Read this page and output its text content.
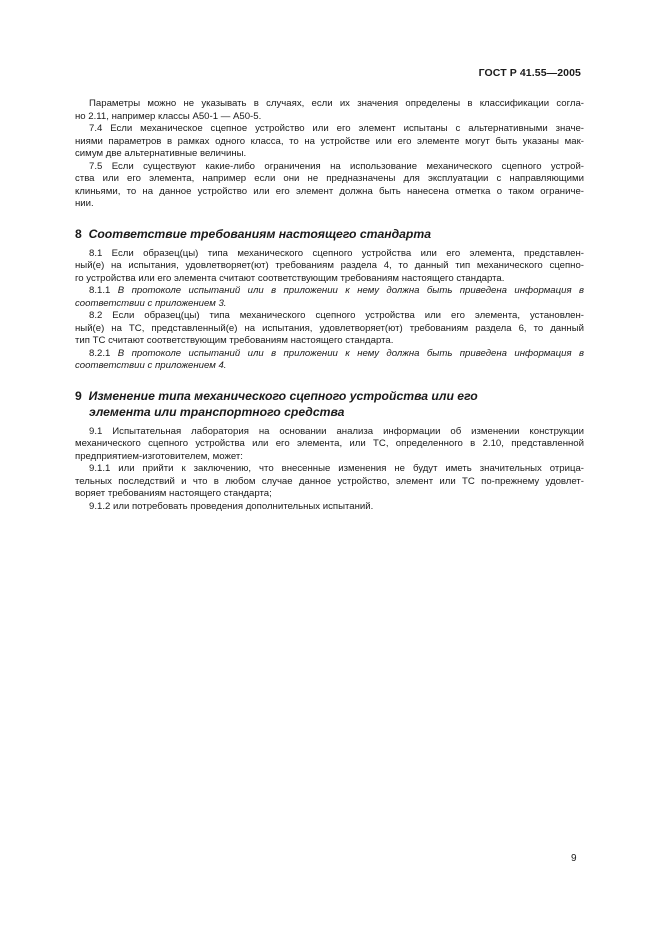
ГОСТ Р 41.55—2005
Параметры можно не указывать в случаях, если их значения определены в классификации согла-
но 2.11, например классы А50-1 — А50-5.
7.4 Если механическое сцепное устройство или его элемент испытаны с альтернативными значе-
ниями параметров в рамках одного класса, то на устройстве или его элементе могут быть указаны мак-
симум две альтернативные величины.
7.5 Если существуют какие-либо ограничения на использование механического сцепного устрой-
ства или его элемента, например если они не предназначены для эксплуатации с направляющими
клиньями, то на данное устройство или его элемент должна быть нанесена отметка о таком ограниче-
нии.
8 Соответствие требованиям настоящего стандарта
8.1 Если образец(цы) типа механического сцепного устройства или его элемента, представлен-
ный(е) на испытания, удовлетворяет(ют) требованиям раздела 4, то данный тип механического сцепно-
го устройства или его элемента считают соответствующим требованиям настоящего стандарта.
8.1.1 В протоколе испытаний или в приложении к нему должна быть приведена информация в
соответствии с приложением 3.
8.2 Если образец(цы) типа механического сцепного устройства или его элемента, установлен-
ный(е) на ТС, представленный(е) на испытания, удовлетворяет(ют) требованиям раздела 6, то данный
тип ТС считают соответствующим требованиям настоящего стандарта.
8.2.1 В протоколе испытаний или в приложении к нему должна быть приведена информация в
соответствии с приложением 4.
9 Изменение типа механического сцепного устройства или его
элемента или транспортного средства
9.1 Испытательная лаборатория на основании анализа информации об изменении конструкции
механического сцепного устройства или его элемента, или ТС, определенного в 2.10, представленной
предприятием-изготовителем, может:
9.1.1 или прийти к заключению, что внесенные изменения не будут иметь значительных отрица-
тельных последствий и что в любом случае данное устройство, элемент или ТС по-прежнему удовлет-
воряет требованиям настоящего стандарта;
9.1.2 или потребовать проведения дополнительных испытаний.
9
